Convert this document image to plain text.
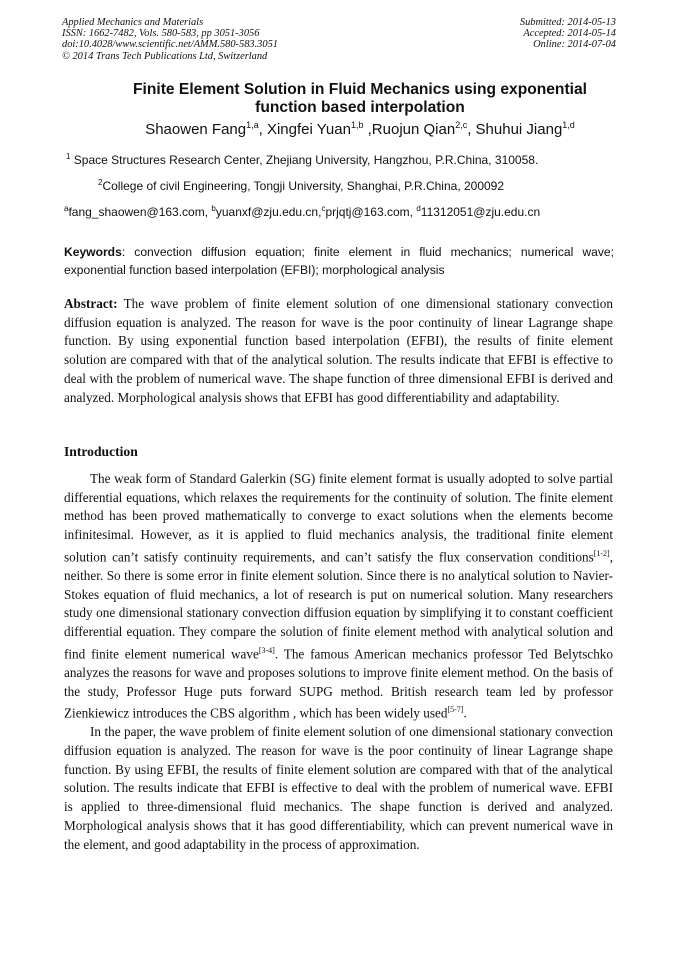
Applied Mechanics and Materials
ISSN: 1662-7482, Vols. 580-583, pp 3051-3056
doi:10.4028/www.scientific.net/AMM.580-583.3051
© 2014 Trans Tech Publications Ltd, Switzerland
Submitted: 2014-05-13
Accepted: 2014-05-14
Online: 2014-07-04
Finite Element Solution in Fluid Mechanics using exponential
function based interpolation
Shaowen Fang$^{1,a}$, Xingfei Yuan$^{1,b}$ ,Ruojun Qian$^{2,c}$, Shuhui Jiang$^{1,d}$
$^1$ Space Structures Research Center, Zhejiang University, Hangzhou, P.R.China, 310058.
$^2$College of civil Engineering, Tongji University, Shanghai, P.R.China, 200092
$^a$fang_shaowen@163.com, $^b$yuanxf@zju.edu.cn,$^c$prjqtj@163.com, $^d$11312051@zju.edu.cn
Keywords: convection diffusion equation; finite element in fluid mechanics; numerical wave; exponential function based interpolation (EFBI); morphological analysis
Abstract: The wave problem of finite element solution of one dimensional stationary convection diffusion equation is analyzed. The reason for wave is the poor continuity of linear Lagrange shape function. By using exponential function based interpolation (EFBI), the results of finite element solution are compared with that of the analytical solution. The results indicate that EFBI is effective to deal with the problem of numerical wave. The shape function of three dimensional EFBI is derived and analyzed. Morphological analysis shows that EFBI has good differentiability and adaptability.
Introduction

The weak form of Standard Galerkin (SG) finite element format is usually adopted to solve partial differential equations, which relaxes the requirements for the continuity of solution. The finite element method has been proved mathematically to converge to exact solutions when the elements become infinitesimal. However, as it is applied to fluid mechanics analysis, the traditional finite element solution can’t satisfy continuity requirements, and can’t satisfy the flux conservation conditions[1-2], neither. So there is some error in finite element solution. Since there is no analytical solution to Navier-Stokes equation of fluid mechanics, a lot of research is put on numerical solution. Many researchers study one dimensional stationary convection diffusion equation by simplifying it to constant coefficient differential equation. They compare the solution of finite element method with analytical solution and find finite element numerical wave[3-4]. The famous American mechanics professor Ted Belytschko analyzes the reasons for wave and proposes solutions to improve finite element method. On the basis of the study, Professor Huge puts forward SUPG method. British research team led by professor Zienkiewicz introduces the CBS algorithm , which has been widely used[5-7].

In the paper, the wave problem of finite element solution of one dimensional stationary convection diffusion equation is analyzed. The reason for wave is the poor continuity of linear Lagrange shape function. By using EFBI, the results of finite element solution are compared with that of the analytical solution. The results indicate that EFBI is effective to deal with the problem of numerical wave. EFBI is applied to three-dimensional fluid mechanics. The shape function is derived and analyzed. Morphological analysis shows that it has good differentiability, which can prevent numerical wave in the element, and good adaptability in the process of approximation.
